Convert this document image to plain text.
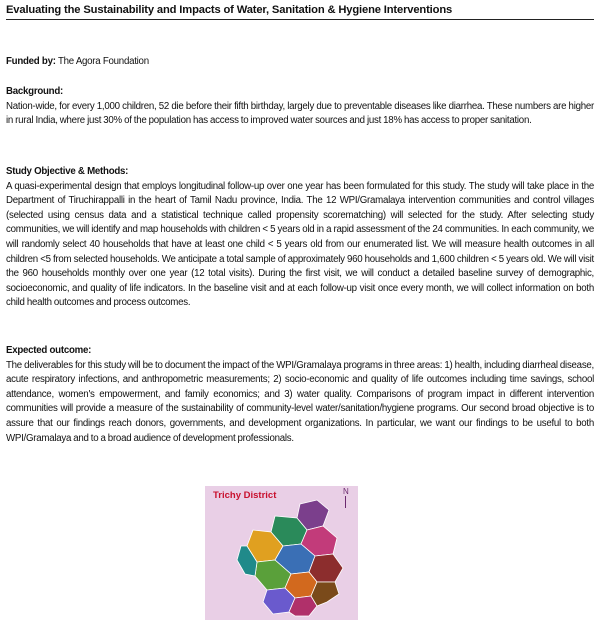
Evaluating the Sustainability and Impacts of Water, Sanitation & Hygiene Interventions
Funded by: The Agora Foundation
Background:
Nation-wide, for every 1,000 children, 52 die before their fifth birthday, largely due to preventable diseases like diarrhea. These numbers are higher in rural India, where just 30% of the population has access to improved water sources and just 18% has access to proper sanitation.
Study Objective & Methods:
A quasi-experimental design that employs longitudinal follow-up over one year has been formulated for this study. The study will take place in the Department of Tiruchirappalli in the heart of Tamil Nadu province, India. The 12 WPI/Gramalaya intervention communities and control villages (selected using census data and a statistical technique called propensity scorematching) will selected for the study. After selecting study communities, we will identify and map households with children < 5 years old in a rapid assessment of the 24 communities. In each community, we will randomly select 40 households that have at least one child < 5 years old from our enumerated list. We will measure health outcomes in all children <5 from selected households. We anticipate a total sample of approximately 960 households and 1,600 children < 5 years old. We will visit the 960 households monthly over one year (12 total visits). During the first visit, we will conduct a detailed baseline survey of demographic, socioeconomic, and quality of life indicators. In the baseline visit and at each follow-up visit once every month, we will collect information on both child health outcomes and process outcomes.
Expected outcome:
The deliverables for this study will be to document the impact of the WPI/Gramalaya programs in three areas: 1) health, including diarrheal disease, acute respiratory infections, and anthropometric measurements; 2) socio-economic and quality of life outcomes including time savings, school attendance, women's empowerment, and family economics; and 3) water quality. Comparisons of program impact in different intervention communities will provide a measure of the sustainability of community-level water/sanitation/hygiene programs. Our second broad objective is to assure that our findings reach donors, governments, and development organizations. In particular, we want our findings to be useful to both WPI/Gramalaya and to a broad audience of development professionals.
Trichy District	N
